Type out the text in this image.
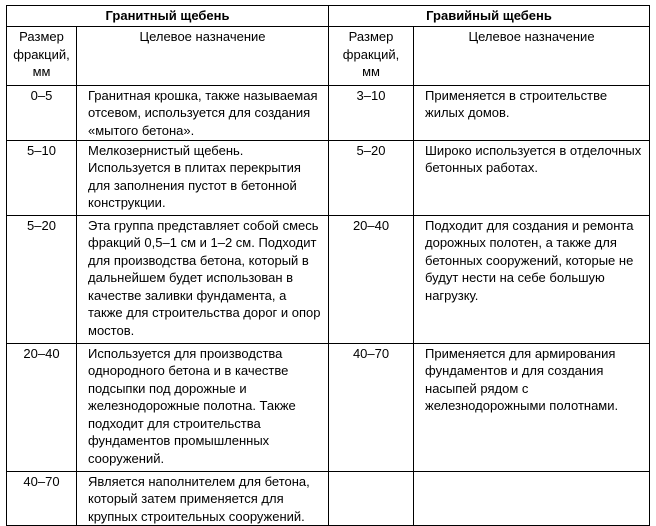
Гранитный щебень		Гравийный щебень	
Размер фракций, мм	Целевое назначение	Размер фракций, мм	Целевое назначение
0–5	Гранитная крошка, также называемая отсевом, используется для создания «мытого бетона».	3–10	Применяется в строительстве жилых домов.
5–10	Мелкозернистый щебень. Используется в плитах перекрытия для заполнения пустот в бетонной конструкции.	5–20	Широко используется в отделочных бетонных работах.
5–20	Эта группа представляет собой смесь фракций 0,5–1 см и 1–2 см. Подходит для производства бетона, который в дальнейшем будет использован в качестве заливки фундамента, а также для строительства дорог и опор мостов.	20–40	Подходит для создания и ремонта дорожных полотен, а также для бетонных сооружений, которые не будут нести на себе большую нагрузку.
20–40	Используется для производства однородного бетона и в качестве подсыпки под дорожные и железнодорожные полотна. Также подходит для строительства фундаментов промышленных сооружений.	40–70	Применяется для армирования фундаментов и для создания насыпей рядом с железнодорожными полотнами.
40–70	Является наполнителем для бетона, который затем применяется для крупных строительных сооружений.		
